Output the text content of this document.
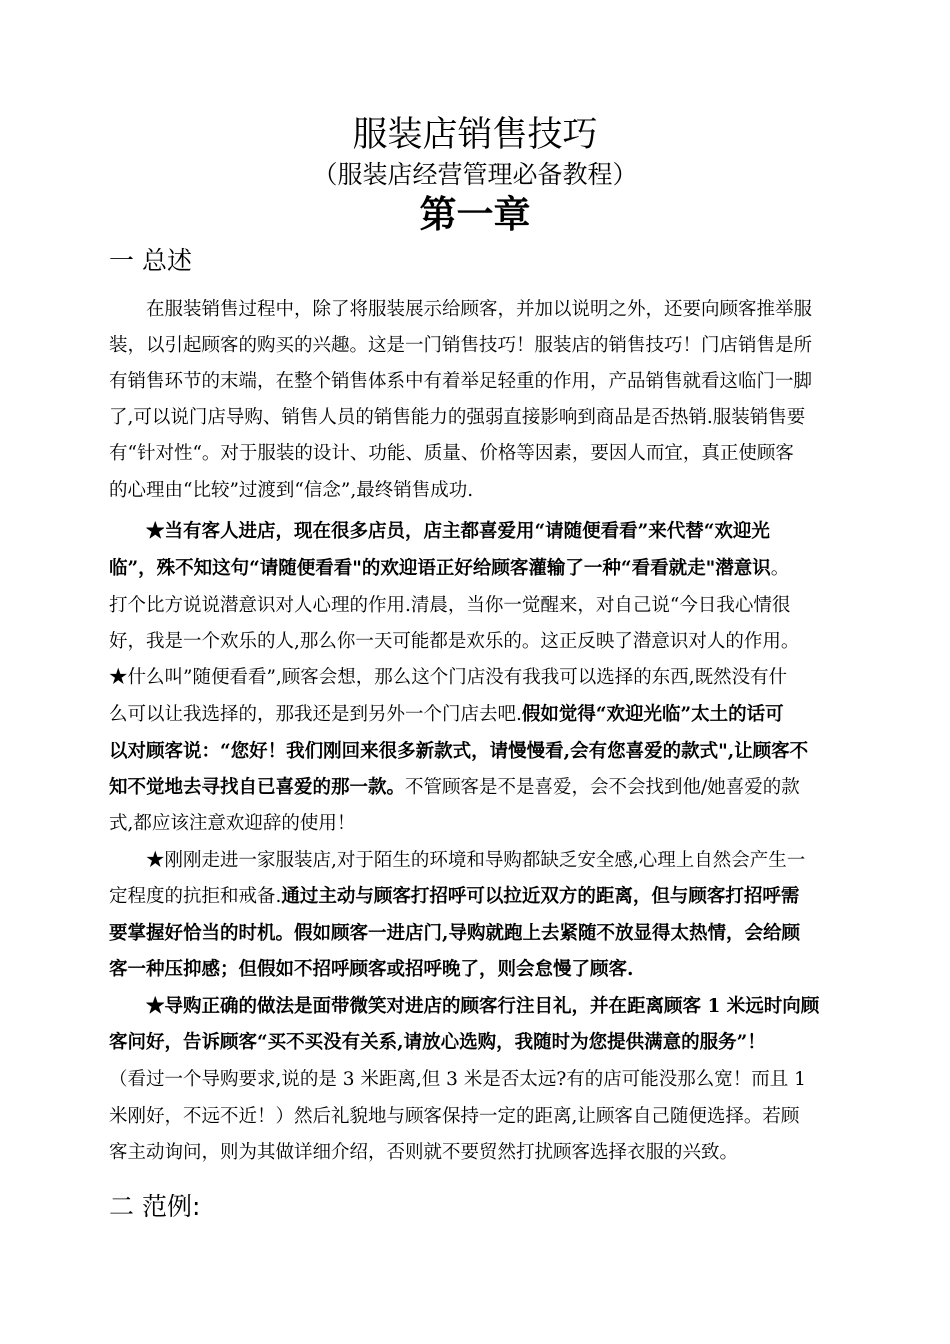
服装店销售技巧
（服装店经营管理必备教程）
第一章
一 总述
在服装销售过程中，除了将服装展示给顾客，并加以说明之外，还要向顾客推举服
装，以引起顾客的购买的兴趣。这是一门销售技巧！服装店的销售技巧！门店销售是所
有销售环节的末端，在整个销售体系中有着举足轻重的作用，产品销售就看这临门一脚
了,可以说门店导购、销售人员的销售能力的强弱直接影响到商品是否热销.服装销售要
有“针对性“。对于服装的设计、功能、质量、价格等因素，要因人而宜，真正使顾客
的心理由“比较”过渡到“信念”,最终销售成功.
★当有客人进店，现在很多店员，店主都喜爱用“请随便看看”来代替“欢迎光
临”，殊不知这句“请随便看看"的欢迎语正好给顾客灌输了一种“看看就走"潜意识。
打个比方说说潜意识对人心理的作用.清晨，当你一觉醒来，对自己说“今日我心情很
好，我是一个欢乐的人,那么你一天可能都是欢乐的。这正反映了潜意识对人的作用。
★什么叫”随便看看”,顾客会想，那么这个门店没有我我可以选择的东西,既然没有什
么可以让我选择的，那我还是到另外一个门店去吧.假如觉得“欢迎光临”太土的话可
以对顾客说：“您好！我们刚回来很多新款式，请慢慢看,会有您喜爱的款式",让顾客不
知不觉地去寻找自已喜爱的那一款。不管顾客是不是喜爱，会不会找到他/她喜爱的款
式,都应该注意欢迎辞的使用！
★刚刚走进一家服装店,对于陌生的环境和导购都缺乏安全感,心理上自然会产生一
定程度的抗拒和戒备.通过主动与顾客打招呼可以拉近双方的距离，但与顾客打招呼需
要掌握好恰当的时机。假如顾客一进店门,导购就跑上去紧随不放显得太热情，会给顾
客一种压抑感；但假如不招呼顾客或招呼晚了，则会怠慢了顾客.
★导购正确的做法是面带微笑对进店的顾客行注目礼，并在距离顾客 1 米远时向顾
客问好，告诉顾客“买不买没有关系,请放心选购，我随时为您提供满意的服务”！
（看过一个导购要求,说的是 3 米距离,但 3 米是否太远?有的店可能没那么宽！而且 1
米刚好，不远不近！）然后礼貌地与顾客保持一定的距离,让顾客自己随便选择。若顾
客主动询问，则为其做详细介绍，否则就不要贸然打扰顾客选择衣服的兴致。
二 范例:
